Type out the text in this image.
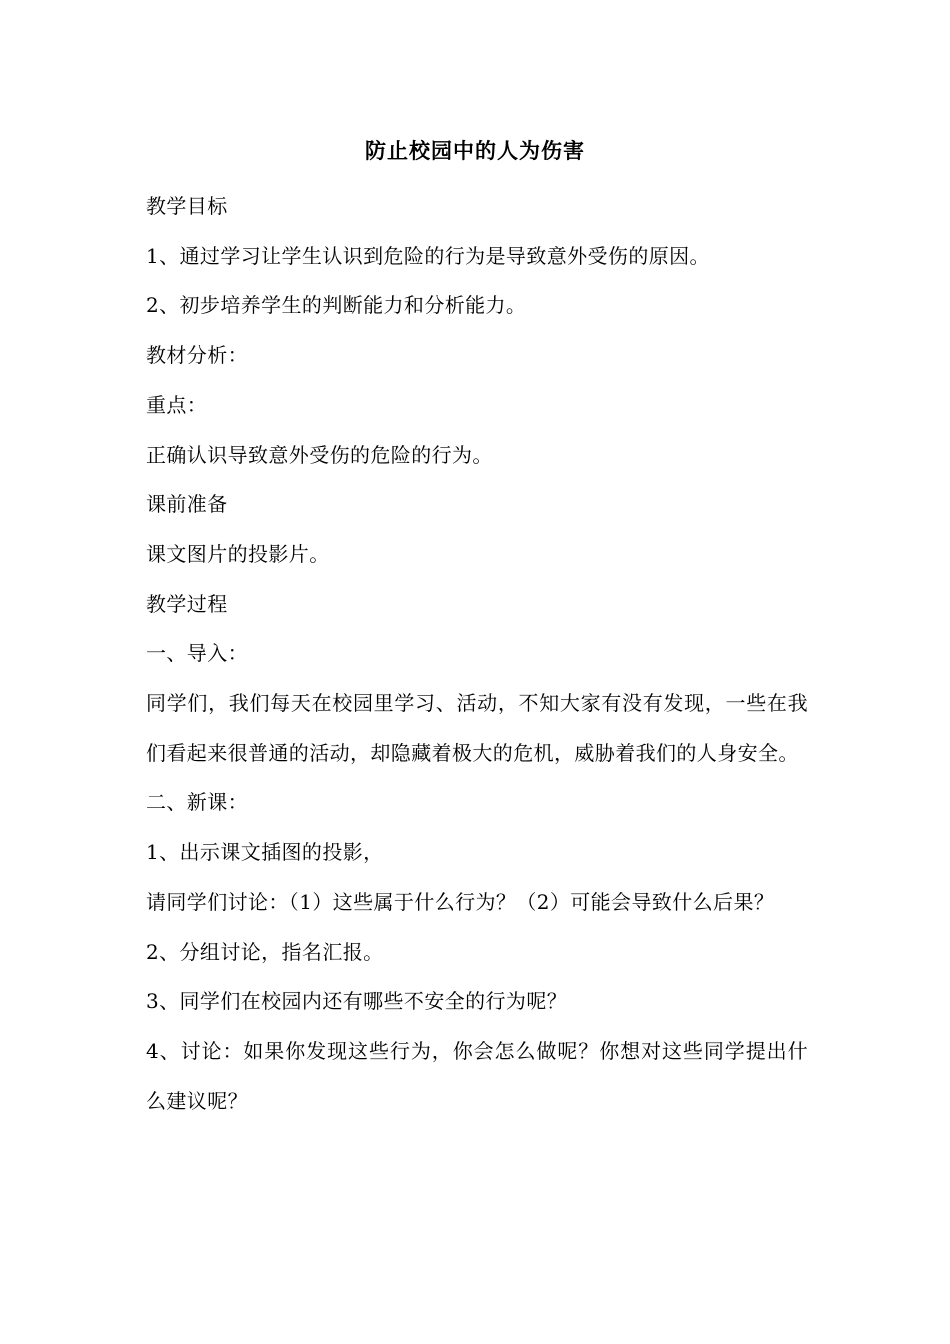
防止校园中的人为伤害

教学目标

1、通过学习让学生认识到危险的行为是导致意外受伤的原因。

2、初步培养学生的判断能力和分析能力。

教材分析：

重点：

正确认识导致意外受伤的危险的行为。

课前准备

课文图片的投影片。

教学过程

一、导入：

同学们，我们每天在校园里学习、活动，不知大家有没有发现，一些在我们看起来很普通的活动，却隐藏着极大的危机，威胁着我们的人身安全。

二、新课：

1、出示课文插图的投影，

请同学们讨论：（1）这些属于什么行为？（2）可能会导致什么后果？

2、分组讨论，指名汇报。

3、同学们在校园内还有哪些不安全的行为呢？

4、讨论：如果你发现这些行为，你会怎么做呢？你想对这些同学提出什么建议呢？
